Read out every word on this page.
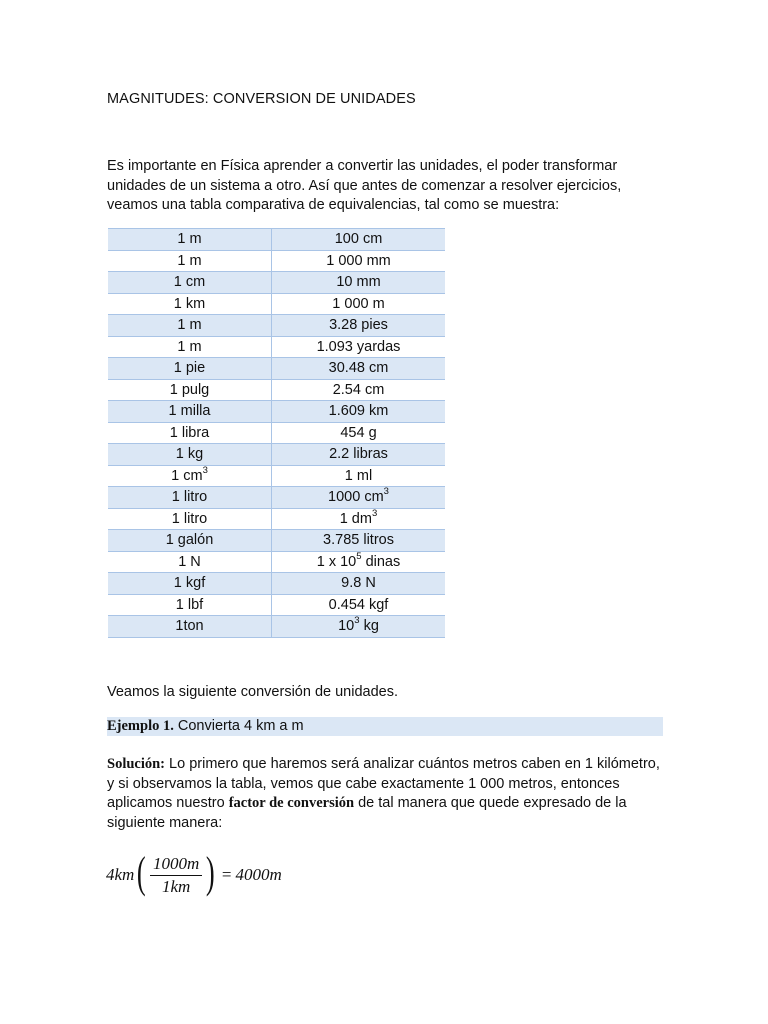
MAGNITUDES: CONVERSION DE UNIDADES
Es importante en Física aprender a convertir las unidades, el poder transformar unidades de un sistema a otro. Así que antes de comenzar a resolver ejercicios, veamos una tabla comparativa de equivalencias, tal como se muestra:
1 m	100 cm
1 m	1 000 mm
1 cm	10 mm
1 km	1 000 m
1 m	3.28 pies
1 m	1.093 yardas
1 pie	30.48 cm
1 pulg	2.54 cm
1 milla	1.609 km
1 libra	454 g
1 kg	2.2 libras
1 $cm^3$	1 ml
1 litro	1000 $cm^3$
1 litro	1 $dm^3$
1 galón	3.785 litros
1 N	1 x $10^5$ dinas
1 kgf	9.8 N
1 lbf	0.454 kgf
1ton	$10^3$ kg
Veamos la siguiente conversión de unidades.
Ejemplo 1. Convierta 4 km a m
Solución: Lo primero que haremos será analizar cuántos metros caben en 1 kilómetro, y si observamos la tabla, vemos que cabe exactamente 1 000 metros, entonces aplicamos nuestro factor de conversión de tal manera que quede expresado de la siguiente manera:
4km ( $\frac{1000m}{1km}$ ) = 4000m
